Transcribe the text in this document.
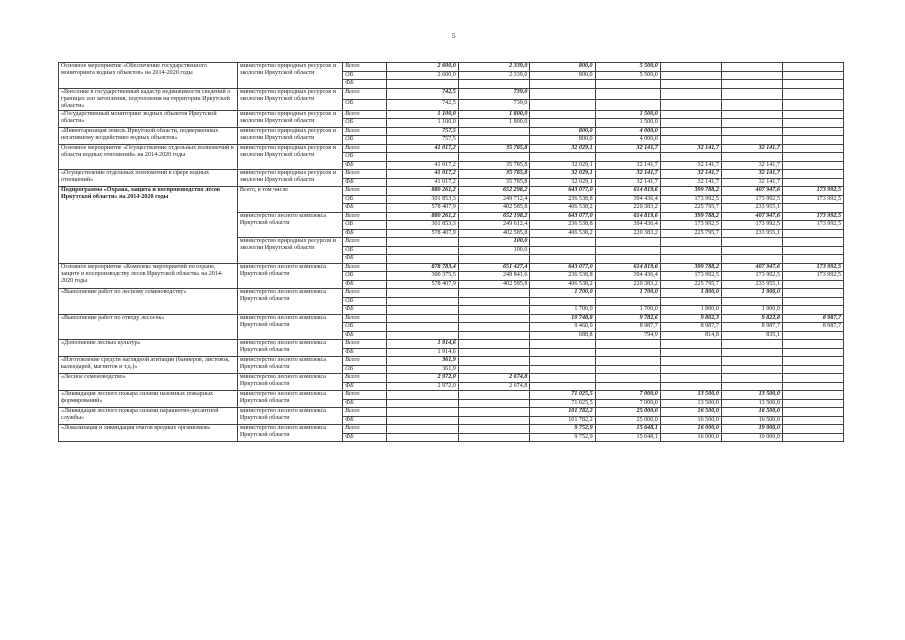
5
Основное мероприятие «Обеспечение государственного мониторинга водных объектов» на 2014-2020 годы	министерство природных ресурсов и экологии Иркутской области	Всего	2 600,0	2 339,0	800,0	5 500,0			
		ОБ	2 600,0	2 339,0	800,0	5 500,0			
		ФБ							
«Внесение в государственный кадастр недвижимости сведений о границах зон затопления, подтопления на территории Иркутской области»	министерство природных ресурсов и экологии Иркутской области	Всего	742,5	739,0					
		ОБ	742,5	739,0					
«Государственный мониторинг водных объектов Иркутской области»	министерство природных ресурсов и экологии Иркутской области	Всего	1 100,0	1 800,0		1 500,0			
		ОБ	1 100,0	1 800,0		1 500,0			
«Инвентаризация земель Иркутской области, подверженных негативному воздействию водных объектов»	министерство природных ресурсов и экологии Иркутской области	Всего	757,5		800,0	4 000,0			
		ОБ	757,5		800,0	4 000,0			
Основное мероприятие «Осуществление отдельных полномочий в области водных отношений» на 2014-2020 годы	министерство природных ресурсов и экологии Иркутской области	Всего	41 017,2	35 785,8	32 029,1	32 141,7	32 141,7	32 141,7	
		ОБ							
		ФБ	41 017,2	35 785,8	32 029,1	32 141,7	32 141,7	32 141,7	
«Осуществление отдельных полномочий в сфере водных отношений»	министерство природных ресурсов и экологии Иркутской области	Всего	41 017,2	35 785,8	32 029,1	32 141,7	32 141,7	32 141,7	
		ФБ	41 017,2	35 785,8	32 029,1	32 141,7	32 141,7	32 141,7	
Подпрограмма «Охрана, защита и воспроизводство лесов Иркутской области» на 2014-2020 годы	Всего, в том числе	Всего	880 261,2	652 298,2	643 077,0	614 819,6	399 788,2	407 947,6	173 992,5
		ОБ	301 853,3	249 712,4	236 538,8	394 436,4	173 992,5	173 992,5	173 992,5
		ФБ	578 407,9	402 585,8	406 538,2	220 383,2	225 795,7	233 955,1	
	министерство лесного комплекса Иркутской области	Всего	880 261,2	652 198,2	643 077,0	614 819,6	399 788,2	407 947,6	173 992,5
		ОБ	301 853,3	249 612,4	236 538,8	394 436,4	173 992,5	173 992,5	173 992,5
		ФБ	578 407,9	402 585,8	406 538,2	220 383,2	225 795,7	233 955,1	
	министерство природных ресурсов и экологии Иркутской области	Всего		100,0					
		ОБ		100,0					
		ФБ							
Основное мероприятие «Комплекс мероприятий по охране, защите и воспроизводству лесов Иркутской области» на 2014-2020 годы	министерство лесного комплекса Иркутской области	Всего	878 783,4	651 427,4	643 077,0	614 819,6	399 788,2	407 947,6	173 992,5
		ОБ	300 375,5	248 841,6	236 538,8	394 436,4	173 992,5	173 992,5	173 992,5
		ФБ	578 407,9	402 585,8	406 538,2	220 383,2	225 795,7	233 955,1	
«Выполнение работ по лесному семеноводству»	министерство лесного комплекса Иркутской области	Всего			1 700,0	1 700,0	1 800,0	1 900,0	
		ОБ							
		ФБ			1 700,0	1 700,0	1 800,0	1 900,0	
«Выполнение работ по отводу лесосек»	министерство лесного комплекса Иркутской области	Всего			10 748,8	9 782,6	9 802,3	9 822,8	8 987,7
		ОБ			9 460,0	8 987,7	8 987,7	8 987,7	8 987,7
		ФБ			688,8	794,9	814,8	835,1	
«Дополнение лесных культур»	министерство лесного комплекса Иркутской области	Всего	1 914,6						
		ФБ	1 914,6						
«Изготовление средств наглядной агитации (баннеров, листовок, календарей, магнитов и т.д.)»	министерство лесного комплекса Иркутской области	Всего	361,9						
		ОБ	361,9						
«Лесное семеноводство»	министерство лесного комплекса Иркутской области	Всего	2 972,0	2 674,8					
		ФБ	2 972,0	2 674,8					
«Ликвидация лесного пожара силами наземных пожарных формирований»	министерство лесного комплекса Иркутской области	Всего			71 025,5	7 000,0	13 500,0	13 500,0	
		ФБ			71 025,5	7 000,0	13 500,0	13 500,0	
«Ликвидация лесного пожара силами парашютно-десантной службы»	министерство лесного комплекса Иркутской области	Всего			101 782,2	25 000,0	16 500,0	16 500,0	
		ФБ			101 782,2	25 000,0	16 500,0	16 500,0	
«Локализация и ликвидация очагов вредных организмов»	министерство лесного комплекса Иркутской области	Всего			9 752,9	15 648,1	16 000,0	19 000,0	
		ФБ			9 752,9	15 648,1	16 000,0	19 000,0	
